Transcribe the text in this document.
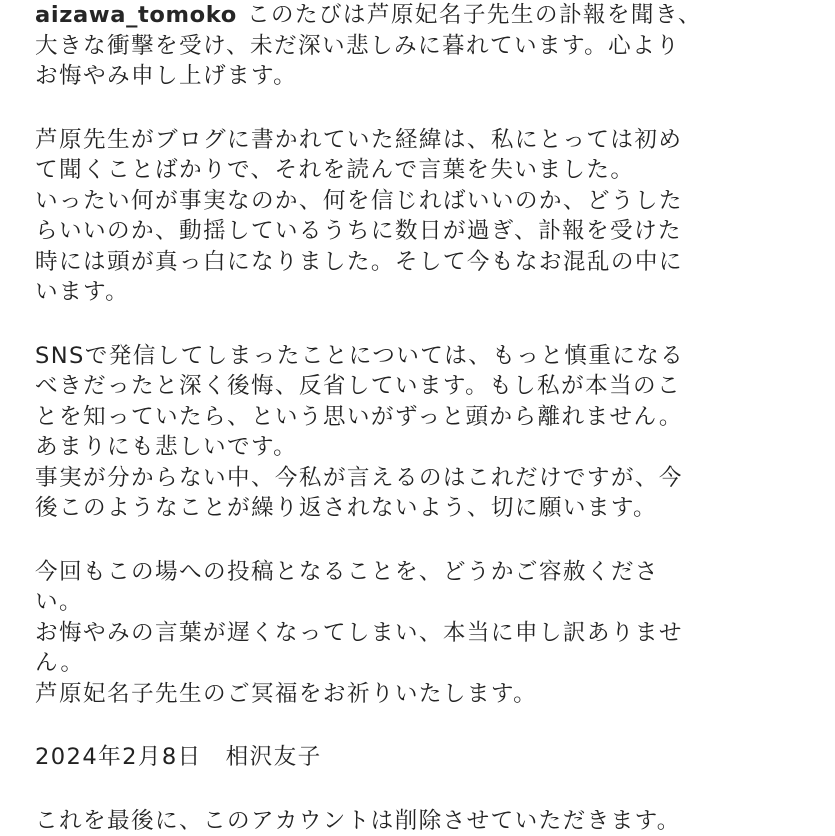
aizawa_tomoko このたびは芦原妃名子先生の訃報を聞き、
大きな衝撃を受け、未だ深い悲しみに暮れています。心より
お悔やみ申し上げます。
芦原先生がブログに書かれていた経緯は、私にとっては初め
て聞くことばかりで、それを読んで言葉を失いました。
いったい何が事実なのか、何を信じればいいのか、どうした
らいいのか、動揺しているうちに数日が過ぎ、訃報を受けた
時には頭が真っ白になりました。そして今もなお混乱の中に
います。
SNSで発信してしまったことについては、もっと慎重になる
べきだったと深く後悔、反省しています。もし私が本当のこ
とを知っていたら、という思いがずっと頭から離れません。
あまりにも悲しいです。
事実が分からない中、今私が言えるのはこれだけですが、今
後このようなことが繰り返されないよう、切に願います。
今回もこの場への投稿となることを、どうかご容赦くださ
い。
お悔やみの言葉が遅くなってしまい、本当に申し訳ありませ
ん。
芦原妃名子先生のご冥福をお祈りいたします。
2024年2月8日　相沢友子
これを最後に、このアカウントは削除させていただきます。
